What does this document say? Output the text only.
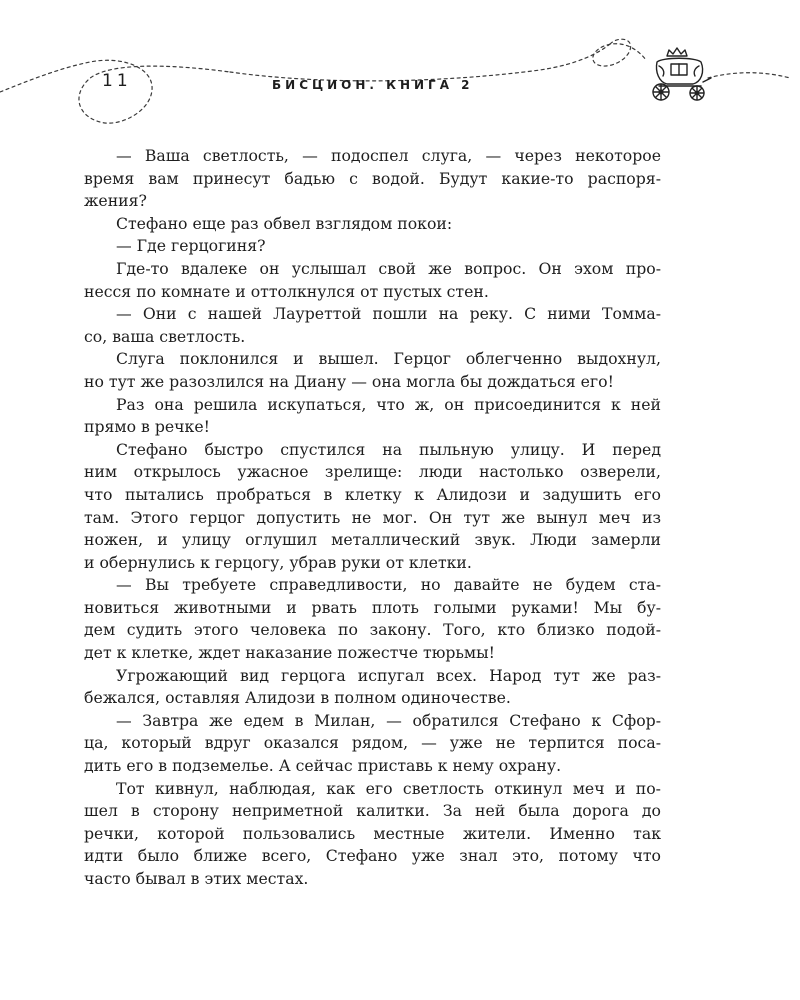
11	БИСЦИОН. КНИГА 2
— Ваша светлость, — подоспел слуга, — через некоторое
время вам принесут бадью с водой. Будут какие-то распоря-
жения?
Стефано еще раз обвел взглядом покои:
— Где герцогиня?
Где-то вдалеке он услышал свой же вопрос. Он эхом про-
несся по комнате и оттолкнулся от пустых стен.
— Они с нашей Лауреттой пошли на реку. С ними Томма-
со, ваша светлость.
Слуга поклонился и вышел. Герцог облегченно выдохнул,
но тут же разозлился на Диану — она могла бы дождаться его!
Раз она решила искупаться, что ж, он присоединится к ней
прямо в речке!
Стефано быстро спустился на пыльную улицу. И перед
ним открылось ужасное зрелище: люди настолько озверели,
что пытались пробраться в клетку к Алидози и задушить его
там. Этого герцог допустить не мог. Он тут же вынул меч из
ножен, и улицу оглушил металлический звук. Люди замерли
и обернулись к герцогу, убрав руки от клетки.
— Вы требуете справедливости, но давайте не будем ста-
новиться животными и рвать плоть голыми руками! Мы бу-
дем судить этого человека по закону. Того, кто близко подой-
дет к клетке, ждет наказание пожестче тюрьмы!
Угрожающий вид герцога испугал всех. Народ тут же раз-
бежался, оставляя Алидози в полном одиночестве.
— Завтра же едем в Милан, — обратился Стефано к Сфор-
ца, который вдруг оказался рядом, — уже не терпится поса-
дить его в подземелье. А сейчас приставь к нему охрану.
Тот кивнул, наблюдая, как его светлость откинул меч и по-
шел в сторону неприметной калитки. За ней была дорога до
речки, которой пользовались местные жители. Именно так
идти было ближе всего, Стефано уже знал это, потому что
часто бывал в этих местах.
